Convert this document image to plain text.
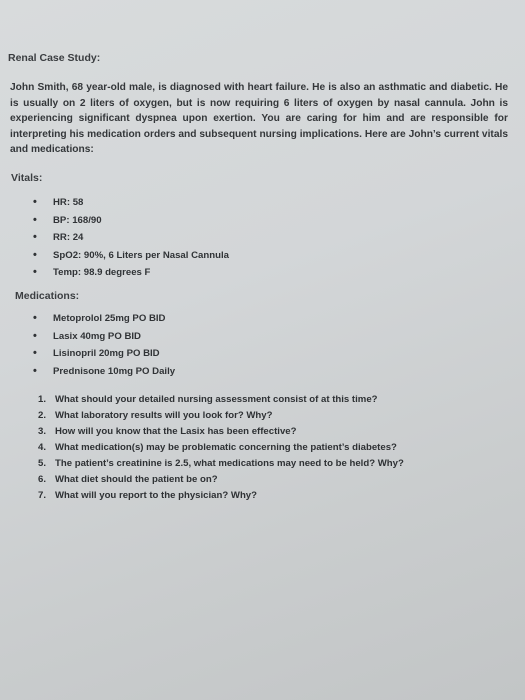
Renal Case Study:
John Smith, 68 year-old male, is diagnosed with heart failure. He is also an asthmatic and diabetic. He is usually on 2 liters of oxygen, but is now requiring 6 liters of oxygen by nasal cannula. John is experiencing significant dyspnea upon exertion. You are caring for him and are responsible for interpreting his medication orders and subsequent nursing implications. Here are John’s current vitals and medications:
Vitals:
• HR: 58
• BP: 168/90
• RR: 24
• SpO2: 90%, 6 Liters per Nasal Cannula
• Temp: 98.9 degrees F
Medications:
• Metoprolol 25mg PO BID
• Lasix 40mg PO BID
• Lisinopril 20mg PO BID
• Prednisone 10mg PO Daily
1. What should your detailed nursing assessment consist of at this time?
2. What laboratory results will you look for? Why?
3. How will you know that the Lasix has been effective?
4. What medication(s) may be problematic concerning the patient’s diabetes?
5. The patient’s creatinine is 2.5, what medications may need to be held? Why?
6. What diet should the patient be on?
7. What will you report to the physician? Why?
